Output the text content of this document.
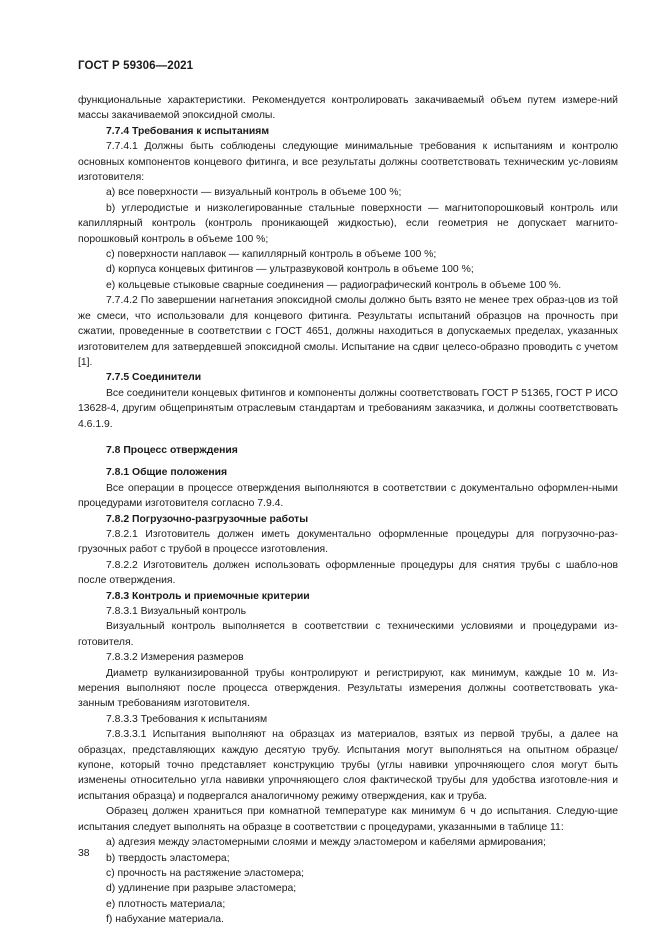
ГОСТ Р 59306—2021

функциональные характеристики. Рекомендуется контролировать закачиваемый объем путем измере-ний массы закачиваемой эпоксидной смолы.

7.7.4 Требования к испытаниям

7.7.4.1 Должны быть соблюдены следующие минимальные требования к испытаниям и контролю основных компонентов концевого фитинга, и все результаты должны соответствовать техническим ус-ловиям изготовителя:

a) все поверхности — визуальный контроль в объеме 100 %;

b) углеродистые и низколегированные стальные поверхности — магнитопорошковый контроль или капиллярный контроль (контроль проникающей жидкостью), если геометрия не допускает магнито-порошковый контроль в объеме 100 %;

c) поверхности наплавок — капиллярный контроль в объеме 100 %;

d) корпуса концевых фитингов — ультразвуковой контроль в объеме 100 %;

e) кольцевые стыковые сварные соединения — радиографический контроль в объеме 100 %.

7.7.4.2 По завершении нагнетания эпоксидной смолы должно быть взято не менее трех образ-цов из той же смеси, что использовали для концевого фитинга. Результаты испытаний образцов на прочность при сжатии, проведенные в соответствии с ГОСТ 4651, должны находиться в допускаемых пределах, указанных изготовителем для затвердевшей эпоксидной смолы. Испытание на сдвиг целесо-образно проводить с учетом [1].

7.7.5 Соединители

Все соединители концевых фитингов и компоненты должны соответствовать ГОСТ Р 51365, ГОСТ Р ИСО 13628-4, другим общепринятым отраслевым стандартам и требованиям заказчика, и должны соответствовать 4.6.1.9.

7.8 Процесс отверждения

7.8.1 Общие положения

Все операции в процессе отверждения выполняются в соответствии с документально оформлен-ными процедурами изготовителя согласно 7.9.4.

7.8.2 Погрузочно-разгрузочные работы

7.8.2.1 Изготовитель должен иметь документально оформленные процедуры для погрузочно-раз-грузочных работ с трубой в процессе изготовления.

7.8.2.2 Изготовитель должен использовать оформленные процедуры для снятия трубы с шабло-нов после отверждения.

7.8.3 Контроль и приемочные критерии

7.8.3.1 Визуальный контроль

Визуальный контроль выполняется в соответствии с техническими условиями и процедурами из-готовителя.

7.8.3.2 Измерения размеров

Диаметр вулканизированной трубы контролируют и регистрируют, как минимум, каждые 10 м. Из-мерения выполняют после процесса отверждения. Результаты измерения должны соответствовать ука-занным требованиям изготовителя.

7.8.3.3 Требования к испытаниям

7.8.3.3.1 Испытания выполняют на образцах из материалов, взятых из первой трубы, а далее на образцах, представляющих каждую десятую трубу. Испытания могут выполняться на опытном образце/ купоне, который точно представляет конструкцию трубы (углы навивки упрочняющего слоя могут быть изменены относительно угла навивки упрочняющего слоя фактической трубы для удобства изготовле-ния и испытания образца) и подвергался аналогичному режиму отверждения, как и труба.

Образец должен храниться при комнатной температуре как минимум 6 ч до испытания. Следую-щие испытания следует выполнять на образце в соответствии с процедурами, указанными в таблице 11:

a) адгезия между эластомерными слоями и между эластомером и кабелями армирования;

b) твердость эластомера;

c) прочность на растяжение эластомера;

d) удлинение при разрыве эластомера;

e) плотность материала;

f) набухание материала.

38
